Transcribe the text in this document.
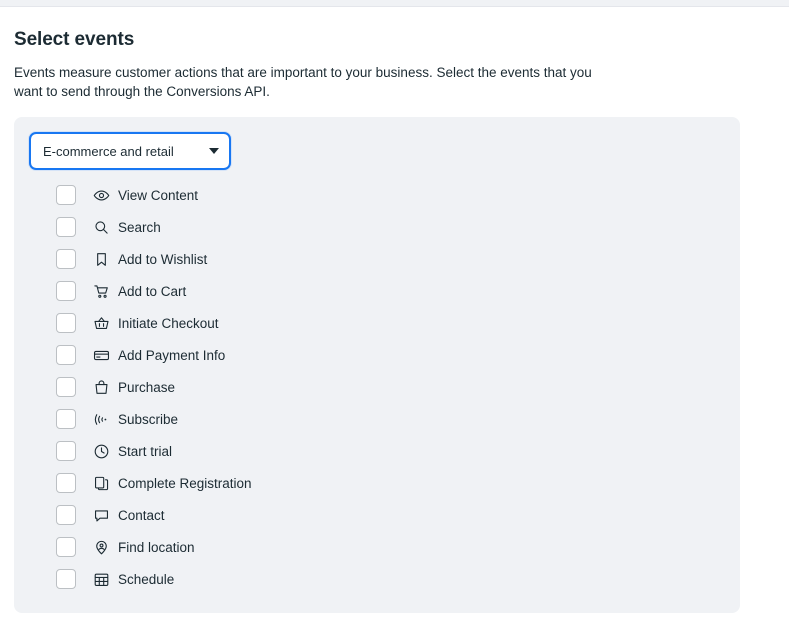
Select events

Events measure customer actions that are important to your business. Select the events that you want to send through the Conversions API.

E-commerce and retail
View Content
Search
Add to Wishlist
Add to Cart
Initiate Checkout
Add Payment Info
Purchase
Subscribe
Start trial
Complete Registration
Contact
Find location
Schedule
